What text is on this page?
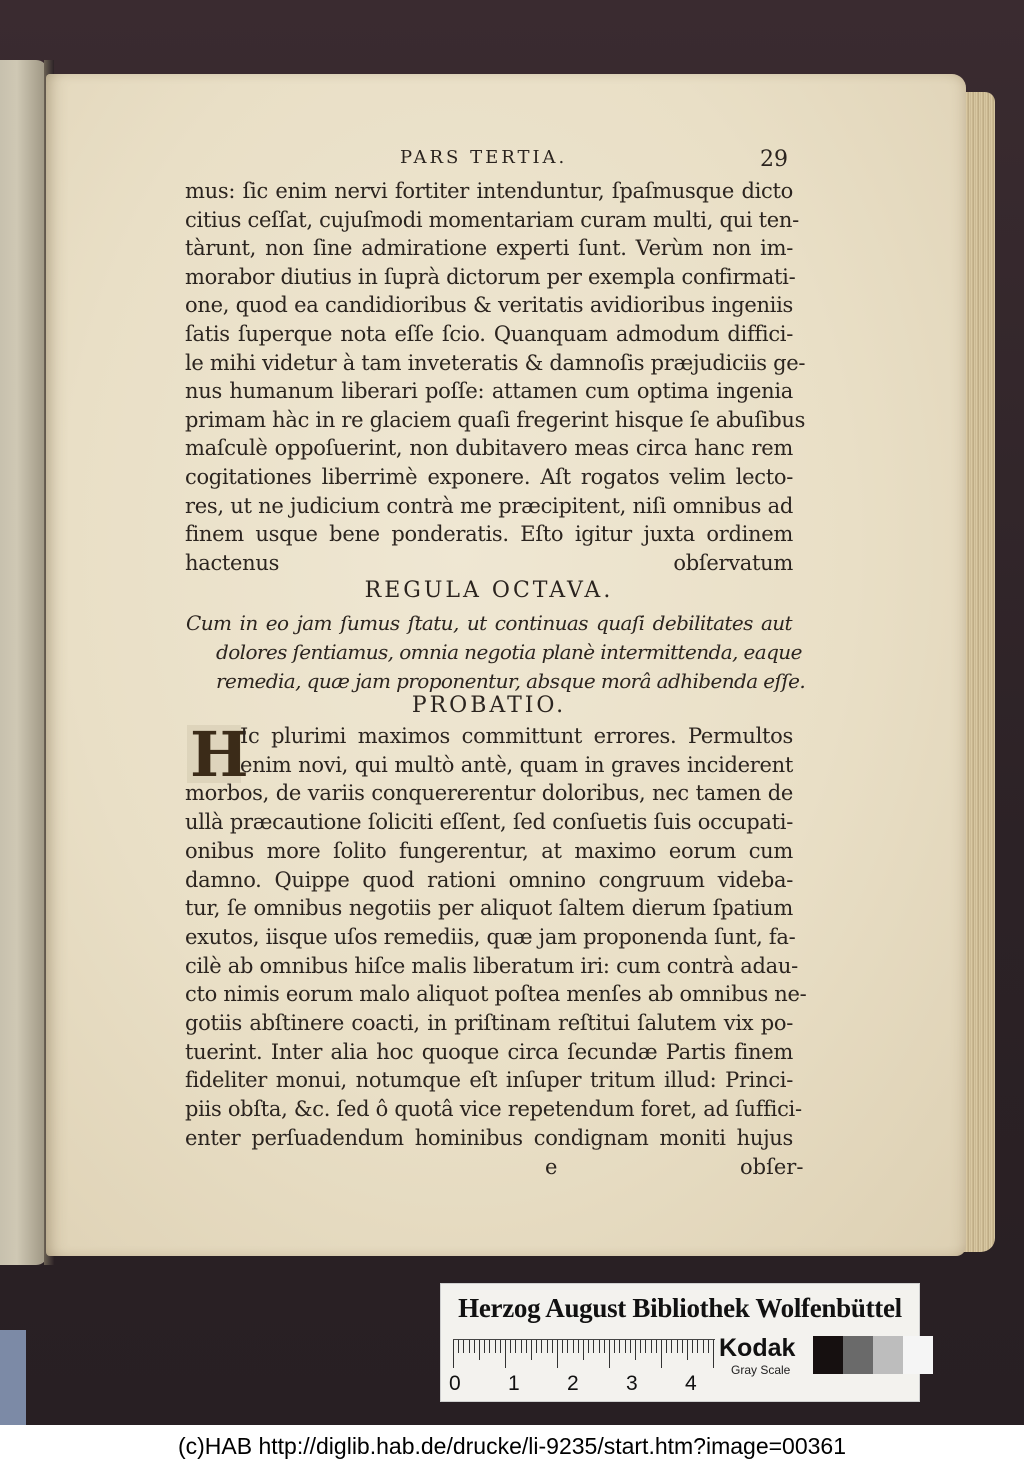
PARS TERTIA.	29
mus: ſic enim nervi fortiter intenduntur, ſpaſmusque dicto
citius ceſſat, cujuſmodi momentariam curam multi, qui ten-
tàrunt, non ſine admiratione experti ſunt. Verùm non im-
morabor diutius in ſuprà dictorum per exempla confirmati-
one, quod ea candidioribus & veritatis avidioribus ingeniis
ſatis ſuperque nota eſſe ſcio. Quanquam admodum diffici-
le mihi videtur à tam inveteratis & damnoſis præjudiciis ge-
nus humanum liberari poſſe: attamen cum optima ingenia
primam hàc in re glaciem quaſi fregerint hisque ſe abuſibus
maſculè oppoſuerint, non dubitavero meas circa hanc rem
cogitationes liberrimè exponere. Aſt rogatos velim lecto-
res, ut ne judicium contrà me præcipitent, niſi omnibus ad
finem usque bene ponderatis. Eſto igitur juxta ordinem
hactenus obſervatum
REGULA OCTAVA.
Cum in eo jam ſumus ſtatu, ut continuas quaſi debilitates aut
dolores ſentiamus, omnia negotia planè intermittenda, eaque
remedia, quæ jam proponentur, absque morâ adhibenda eſſe.
PROBATIO.
H
Ic plurimi maximos committunt errores. Permultos
enim novi, qui multò antè, quam in graves inciderent
morbos, de variis conquererentur doloribus, nec tamen de
ullà præcautione ſoliciti eſſent, ſed conſuetis ſuis occupati-
onibus more ſolito fungerentur, at maximo eorum cum
damno. Quippe quod rationi omnino congruum videba-
tur, ſe omnibus negotiis per aliquot ſaltem dierum ſpatium
exutos, iisque uſos remediis, quæ jam proponenda ſunt, fa-
cilè ab omnibus hiſce malis liberatum iri: cum contrà adau-
cto nimis eorum malo aliquot poſtea menſes ab omnibus ne-
gotiis abſtinere coacti, in priſtinam reſtitui ſalutem vix po-
tuerint. Inter alia hoc quoque circa ſecundæ Partis finem
fideliter monui, notumque eſt inſuper tritum illud: Princi-
piis obſta, &c. ſed ô quotâ vice repetendum foret, ad ſuffici-
enter perſuadendum hominibus condignam moniti hujus
e	obſer-
Herzog August Bibliothek Wolfenbüttel
0 1 2 3 4
Kodak
Gray Scale
(c)HAB http://diglib.hab.de/drucke/li-9235/start.htm?image=00361
